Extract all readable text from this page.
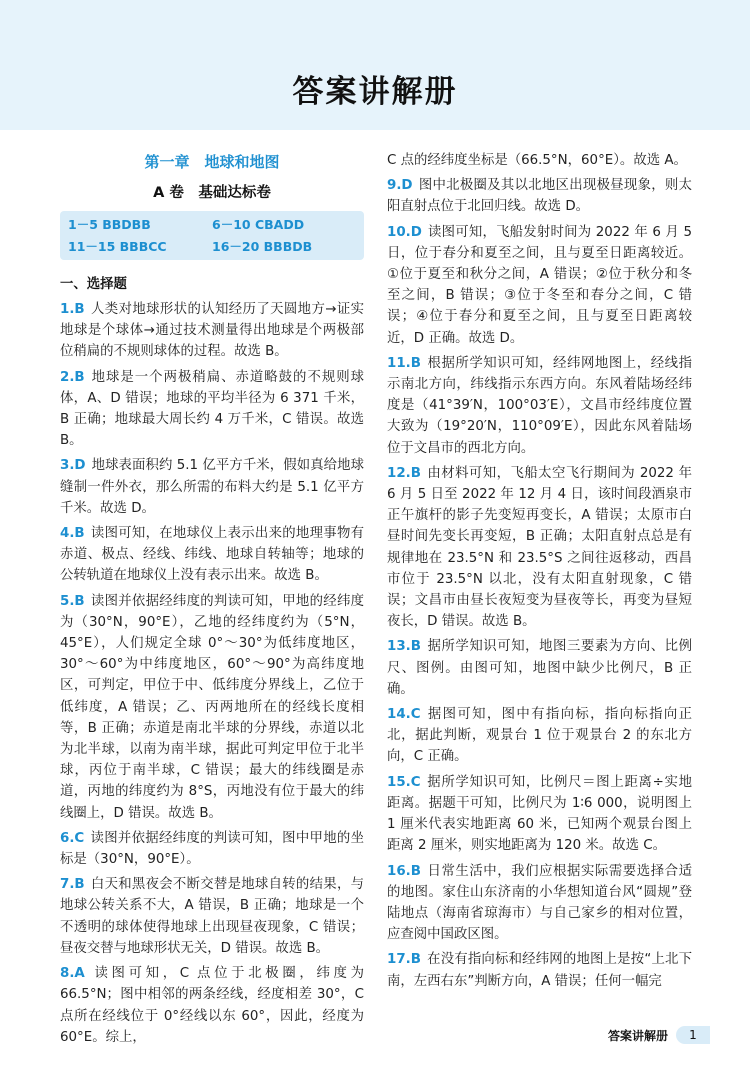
答案讲解册
第一章　地球和地图
A 卷　基础达标卷
1－5 BBDBB	6－10 CBADD
11－15 BBBCC	16－20 BBBDB
一、选择题
1.B 人类对地球形状的认知经历了天圆地方→证实地球是个球体→通过技术测量得出地球是个两极部位稍扁的不规则球体的过程。故选 B。
2.B 地球是一个两极稍扁、赤道略鼓的不规则球体，A、D 错误；地球的平均半径为 6 371 千米，B 正确；地球最大周长约 4 万千米，C 错误。故选 B。
3.D 地球表面积约 5.1 亿平方千米，假如真给地球缝制一件外衣，那么所需的布料大约是 5.1 亿平方千米。故选 D。
4.B 读图可知，在地球仪上表示出来的地理事物有赤道、极点、经线、纬线、地球自转轴等；地球的公转轨道在地球仪上没有表示出来。故选 B。
5.B 读图并依据经纬度的判读可知，甲地的经纬度为（30°N，90°E），乙地的经纬度约为（5°N，45°E），人们规定全球 0°～30°为低纬度地区，30°～60°为中纬度地区，60°～90°为高纬度地区，可判定，甲位于中、低纬度分界线上，乙位于低纬度，A 错误；乙、丙两地所在的经线长度相等，B 正确；赤道是南北半球的分界线，赤道以北为北半球，以南为南半球，据此可判定甲位于北半球，丙位于南半球，C 错误；最大的纬线圈是赤道，丙地的纬度约为 8°S，丙地没有位于最大的纬线圈上，D 错误。故选 B。
6.C 读图并依据经纬度的判读可知，图中甲地的坐标是（30°N，90°E）。
7.B 白天和黑夜会不断交替是地球自转的结果，与地球公转关系不大，A 错误，B 正确；地球是一个不透明的球体使得地球上出现昼夜现象，C 错误；昼夜交替与地球形状无关，D 错误。故选 B。
8.A 读图可知，C 点位于北极圈，纬度为 66.5°N；图中相邻的两条经线，经度相差 30°，C 点所在经线位于 0°经线以东 60°，因此，经度为 60°E。综上，
C 点的经纬度坐标是（66.5°N，60°E）。故选 A。
9.D 图中北极圈及其以北地区出现极昼现象，则太阳直射点位于北回归线。故选 D。
10.D 读图可知，飞船发射时间为 2022 年 6 月 5 日，位于春分和夏至之间，且与夏至日距离较近。①位于夏至和秋分之间，A 错误；②位于秋分和冬至之间，B 错误；③位于冬至和春分之间，C 错误；④位于春分和夏至之间，且与夏至日距离较近，D 正确。故选 D。
11.B 根据所学知识可知，经纬网地图上，经线指示南北方向，纬线指示东西方向。东风着陆场经纬度是（41°39′N，100°03′E），文昌市经纬度位置大致为（19°20′N，110°09′E），因此东风着陆场位于文昌市的西北方向。
12.B 由材料可知，飞船太空飞行期间为 2022 年 6 月 5 日至 2022 年 12 月 4 日，该时间段酒泉市正午旗杆的影子先变短再变长，A 错误；太原市白昼时间先变长再变短，B 正确；太阳直射点总是有规律地在 23.5°N 和 23.5°S 之间往返移动，西昌市位于 23.5°N 以北，没有太阳直射现象，C 错误；文昌市由昼长夜短变为昼夜等长，再变为昼短夜长，D 错误。故选 B。
13.B 据所学知识可知，地图三要素为方向、比例尺、图例。由图可知，地图中缺少比例尺，B 正确。
14.C 据图可知，图中有指向标，指向标指向正北，据此判断，观景台 1 位于观景台 2 的东北方向，C 正确。
15.C 据所学知识可知，比例尺＝图上距离÷实地距离。据题干可知，比例尺为 1∶6 000，说明图上 1 厘米代表实地距离 60 米，已知两个观景台图上距离 2 厘米，则实地距离为 120 米。故选 C。
16.B 日常生活中，我们应根据实际需要选择合适的地图。家住山东济南的小华想知道台风“圆规”登陆地点（海南省琼海市）与自己家乡的相对位置，应查阅中国政区图。
17.B 在没有指向标和经纬网的地图上是按“上北下南，左西右东”判断方向，A 错误；任何一幅完
答案讲解册	1
